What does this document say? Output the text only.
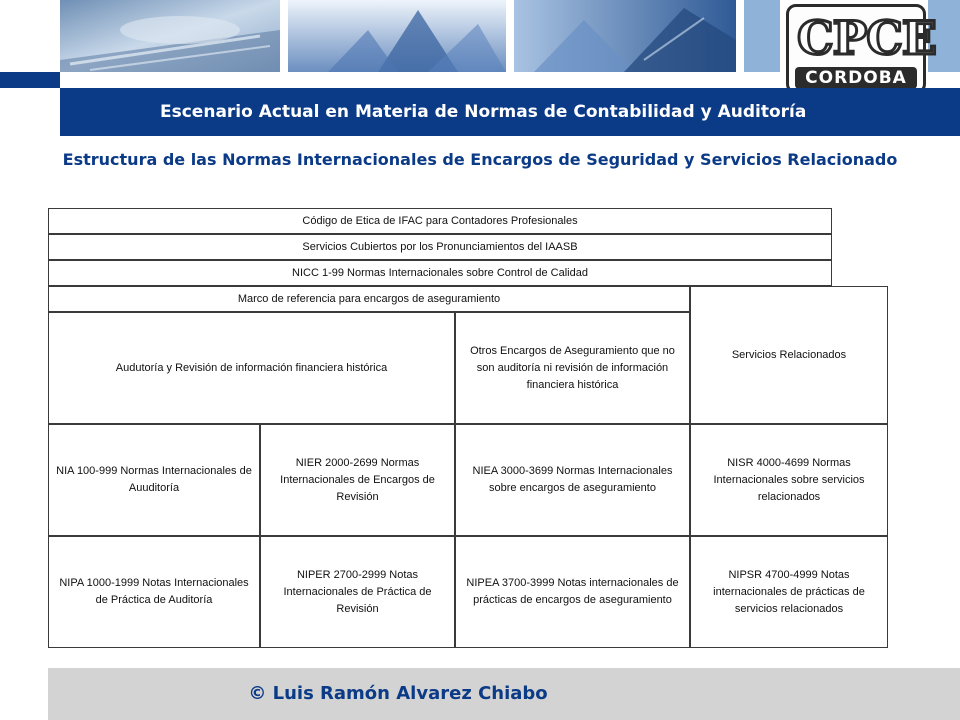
CPCE
CORDOBA
Escenario Actual en Materia de Normas de Contabilidad y Auditoría
Estructura de las Normas Internacionales de Encargos de Seguridad y Servicios Relacionado
Código de Etica de IFAC para Contadores Profesionales
Servicios Cubiertos por los Pronunciamientos del IAASB
NICC 1-99 Normas Internacionales sobre Control de Calidad
Marco de referencia para encargos de aseguramiento
Servicios Relacionados
Audutoría y Revisión de información financiera histórica
Otros Encargos de Aseguramiento que no son auditoría ni revisión de información financiera histórica
NIA 100-999 Normas Internacionales de Auuditoría
NIER 2000-2699 Normas Internacionales de Encargos de Revisión
NIEA 3000-3699 Normas Internacionales sobre encargos de aseguramiento
NISR 4000-4699 Normas Internacionales sobre servicios relacionados
NIPA 1000-1999 Notas Internacionales de Práctica de Auditoría
NIPER 2700-2999 Notas Internacionales de Práctica de Revisión
NIPEA 3700-3999 Notas internacionales de prácticas de encargos de aseguramiento
NIPSR 4700-4999 Notas internacionales de prácticas de servicios relacionados
© Luis Ramón Alvarez Chiabo
